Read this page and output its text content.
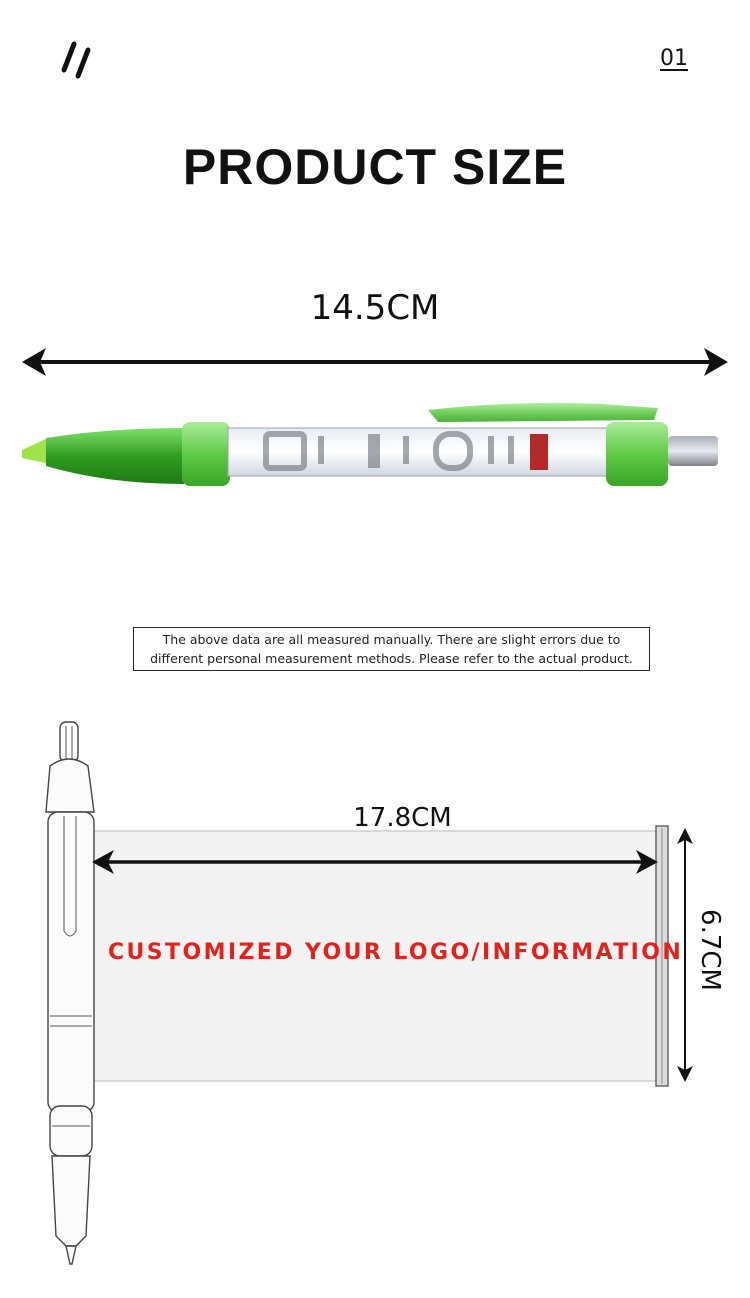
01
PRODUCT SIZE
14.5CM
The above data are all measured manually. There are slight errors due to
different personal measurement methods. Please refer to the actual product.
17.8CM
CUSTOMIZED YOUR LOGO/INFORMATION 6.7CM
